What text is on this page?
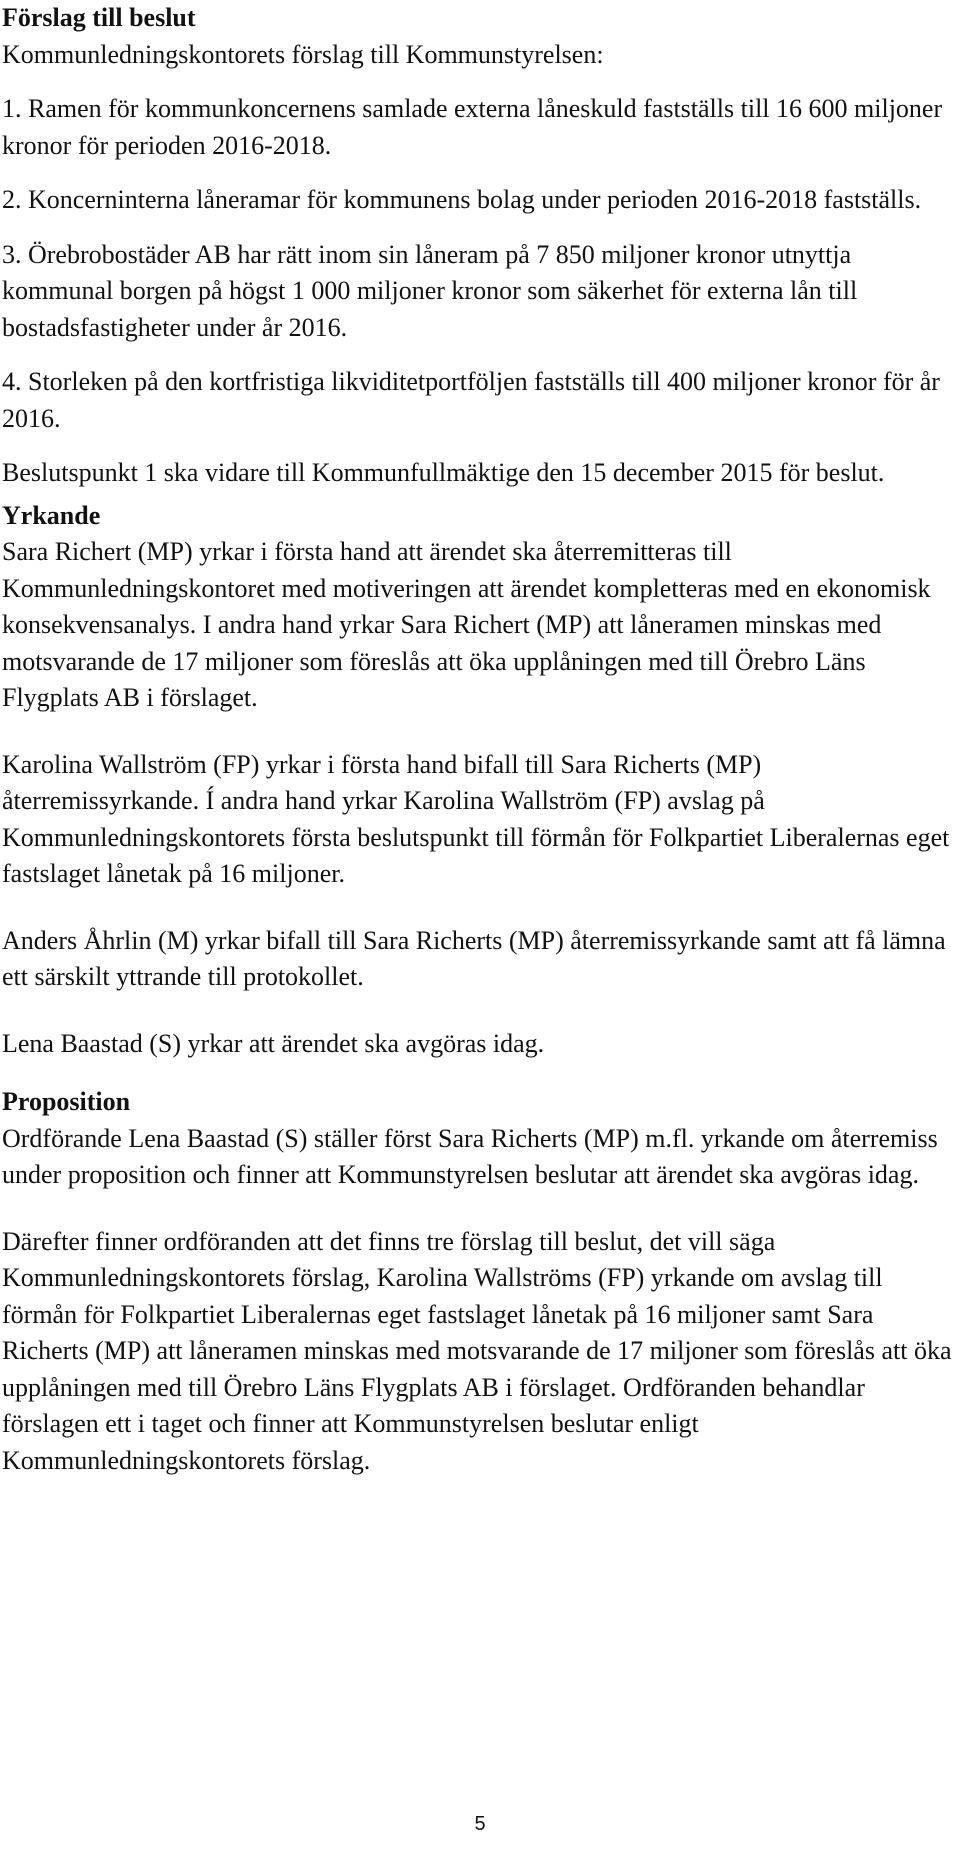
Förslag till beslut

Kommunledningskontorets förslag till Kommunstyrelsen:

1. Ramen för kommunkoncernens samlade externa låneskuld fastställs till 16 600 miljoner kronor för perioden 2016-2018.

2. Koncerninterna låneramar för kommunens bolag under perioden 2016-2018 fastställs.

3. Örebrobostäder AB har rätt inom sin låneram på 7 850 miljoner kronor utnyttja kommunal borgen på högst 1 000 miljoner kronor som säkerhet för externa lån till bostadsfastigheter under år 2016.

4. Storleken på den kortfristiga likviditetportföljen fastställs till 400 miljoner kronor för år 2016.

Beslutspunkt 1 ska vidare till Kommunfullmäktige den 15 december 2015 för beslut.

Yrkande

Sara Richert (MP) yrkar i första hand att ärendet ska återremitteras till Kommunledningskontoret med motiveringen att ärendet kompletteras med en ekonomisk konsekvensanalys. I andra hand yrkar Sara Richert (MP) att låneramen minskas med motsvarande de 17 miljoner som föreslås att öka upplåningen med till Örebro Läns Flygplats AB i förslaget.

Karolina Wallström (FP) yrkar i första hand bifall till Sara Richerts (MP) återremissyrkande. Í andra hand yrkar Karolina Wallström (FP) avslag på Kommunledningskontorets första beslutspunkt till förmån för Folkpartiet Liberalernas eget fastslaget lånetak på 16 miljoner.

Anders Åhrlin (M) yrkar bifall till Sara Richerts (MP) återremissyrkande samt att få lämna ett särskilt yttrande till protokollet.

Lena Baastad (S) yrkar att ärendet ska avgöras idag.

Proposition

Ordförande Lena Baastad (S) ställer först Sara Richerts (MP) m.fl. yrkande om återremiss under proposition och finner att Kommunstyrelsen beslutar att ärendet ska avgöras idag.

Därefter finner ordföranden att det finns tre förslag till beslut, det vill säga Kommunledningskontorets förslag, Karolina Wallströms (FP) yrkande om avslag till förmån för Folkpartiet Liberalernas eget fastslaget lånetak på 16 miljoner samt Sara Richerts (MP) att låneramen minskas med motsvarande de 17 miljoner som föreslås att öka upplåningen med till Örebro Läns Flygplats AB i förslaget. Ordföranden behandlar förslagen ett i taget och finner att Kommunstyrelsen beslutar enligt Kommunledningskontorets förslag.

5
